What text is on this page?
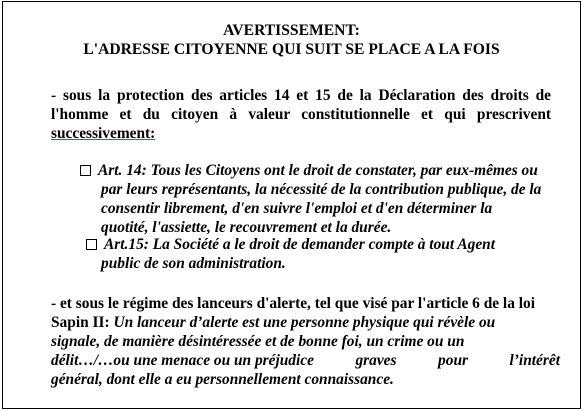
AVERTISSEMENT:
L'ADRESSE CITOYENNE QUI SUIT SE PLACE A LA FOIS
- sous la protection des articles 14 et 15 de la Déclaration des droits de l'homme et du citoyen à valeur constitutionnelle et qui prescrivent successivement:
Art. 14: Tous les Citoyens ont le droit de constater, par eux-mêmes ou
par leurs représentants, la nécessité de la contribution publique, de la
consentir librement, d'en suivre l'emploi et d'en déterminer la
quotité, l'assiette, le recouvrement et la durée.
Art.15: La Société a le droit de demander compte à tout Agent
public de son administration.
- et sous le régime des lanceurs d'alerte, tel que visé par l'article 6 de la loi
Sapin II: Un lanceur d’alerte est une personne physique qui révèle ou
signale, de manière désintéressée et de bonne foi, un crime ou un
délit…/…ou une menace ou un préjudice	graves	pour	l’intérêt
général, dont elle a eu personnellement connaissance.
